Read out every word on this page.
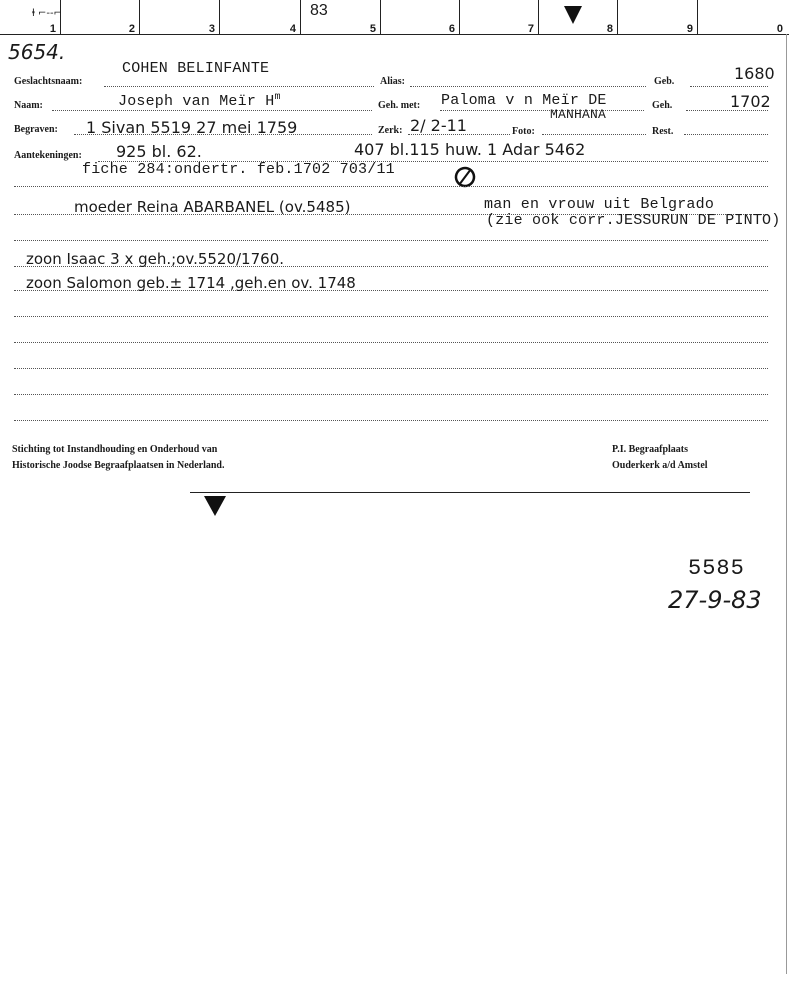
1	2	3	4	5	6	7	8	9	0
83
ⱡ ⌐--⌐
5654.
Geslachtsnaam:
COHEN BELINFANTE
Alias:	Geb.	1680
Naam:	Joseph van Meïr $H^m$
Geh. met: Paloma v n Meïr DE
MANHANA
Geh.	1702
Begraven: 1 Sivan 5519 27 mei 1759	Zerk: 2/ 2-11	Foto:	Rest.
Aantekeningen: 925 bl. 62.	407 bl.115 huw. 1 Adar 5462
fiche 284:ondertr. feb.1702 703/11
moeder Reina ABARBANEL (ov.5485)	man en vrouw uit Belgrado
(zie ook corr.JESSURUN DE PINTO)
zoon Isaac 3 x geh.;ov.5520/1760.
zoon Salomon geb.± 1714 ,geh.en ov. 1748
Stichting tot Instandhouding en Onderhoud van
Historische Joodse Begraafplaatsen in Nederland.
P.I. Begraafplaats
Ouderkerk a/d Amstel
5585
27-9-83
